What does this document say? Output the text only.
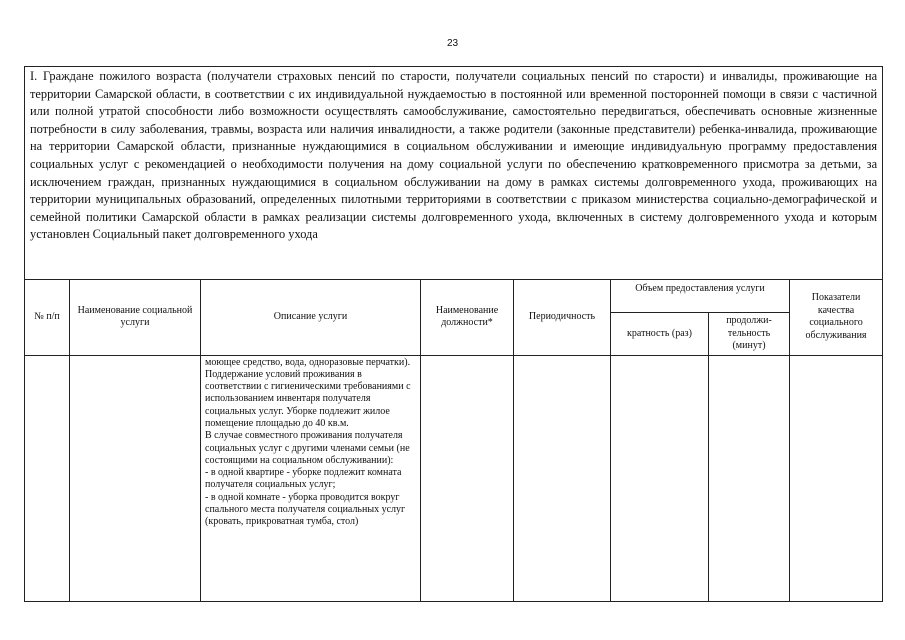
23
I. Граждане пожилого возраста (получатели страховых пенсий по старости, получатели социальных пенсий по старости) и инвалиды, проживающие на территории Самарской области, в соответствии с их индивидуальной нуждаемостью в постоянной или временной посторонней помощи в связи с частичной или полной утратой способности либо возможности осуществлять самообслуживание, самостоятельно передвигаться, обеспечивать основные жизненные потребности в силу заболевания, травмы, возраста или наличия инвалидности, а также родители (законные представители) ребенка-инвалида, проживающие на территории Самарской области, признанные нуждающимися в социальном обслуживании и имеющие индивидуальную программу предоставления социальных услуг с рекомендацией о необходимости получения на дому социальной услуги по обеспечению кратковременного присмотра за детьми, за исключением граждан, признанных нуждающимися в социальном обслуживании на дому в рамках системы долговременного ухода, проживающих на территории муниципальных образований, определенных пилотными территориями в соответствии с приказом министерства социально-демографической и семейной политики Самарской области в рамках реализации системы долговременного ухода, включенных в систему долговременного ухода и которым установлен Социальный пакет долговременного ухода							
№ п/п	Наименование социальной услуги	Описание услуги	Наименование должности*	Периодичность	Объем предоставления услуги		Показатели качества социального обслуживания
					кратность (раз)	продолжи-тельность (минут)	

		моющее средство, вода, одноразовые перчатки).
Поддержание условий проживания в соответствии с гигиеническими требованиями с использованием инвентаря получателя социальных услуг. Уборке подлежит жилое помещение площадью до 40 кв.м.
В случае совместного проживания получателя социальных услуг с другими членами семьи (не состоящими на социальном обслуживании):
- в одной квартире - уборке подлежит комната получателя социальных услуг;
- в одной комнате - уборка проводится вокруг спального места получателя социальных услуг (кровать, прикроватная тумба, стол)					
